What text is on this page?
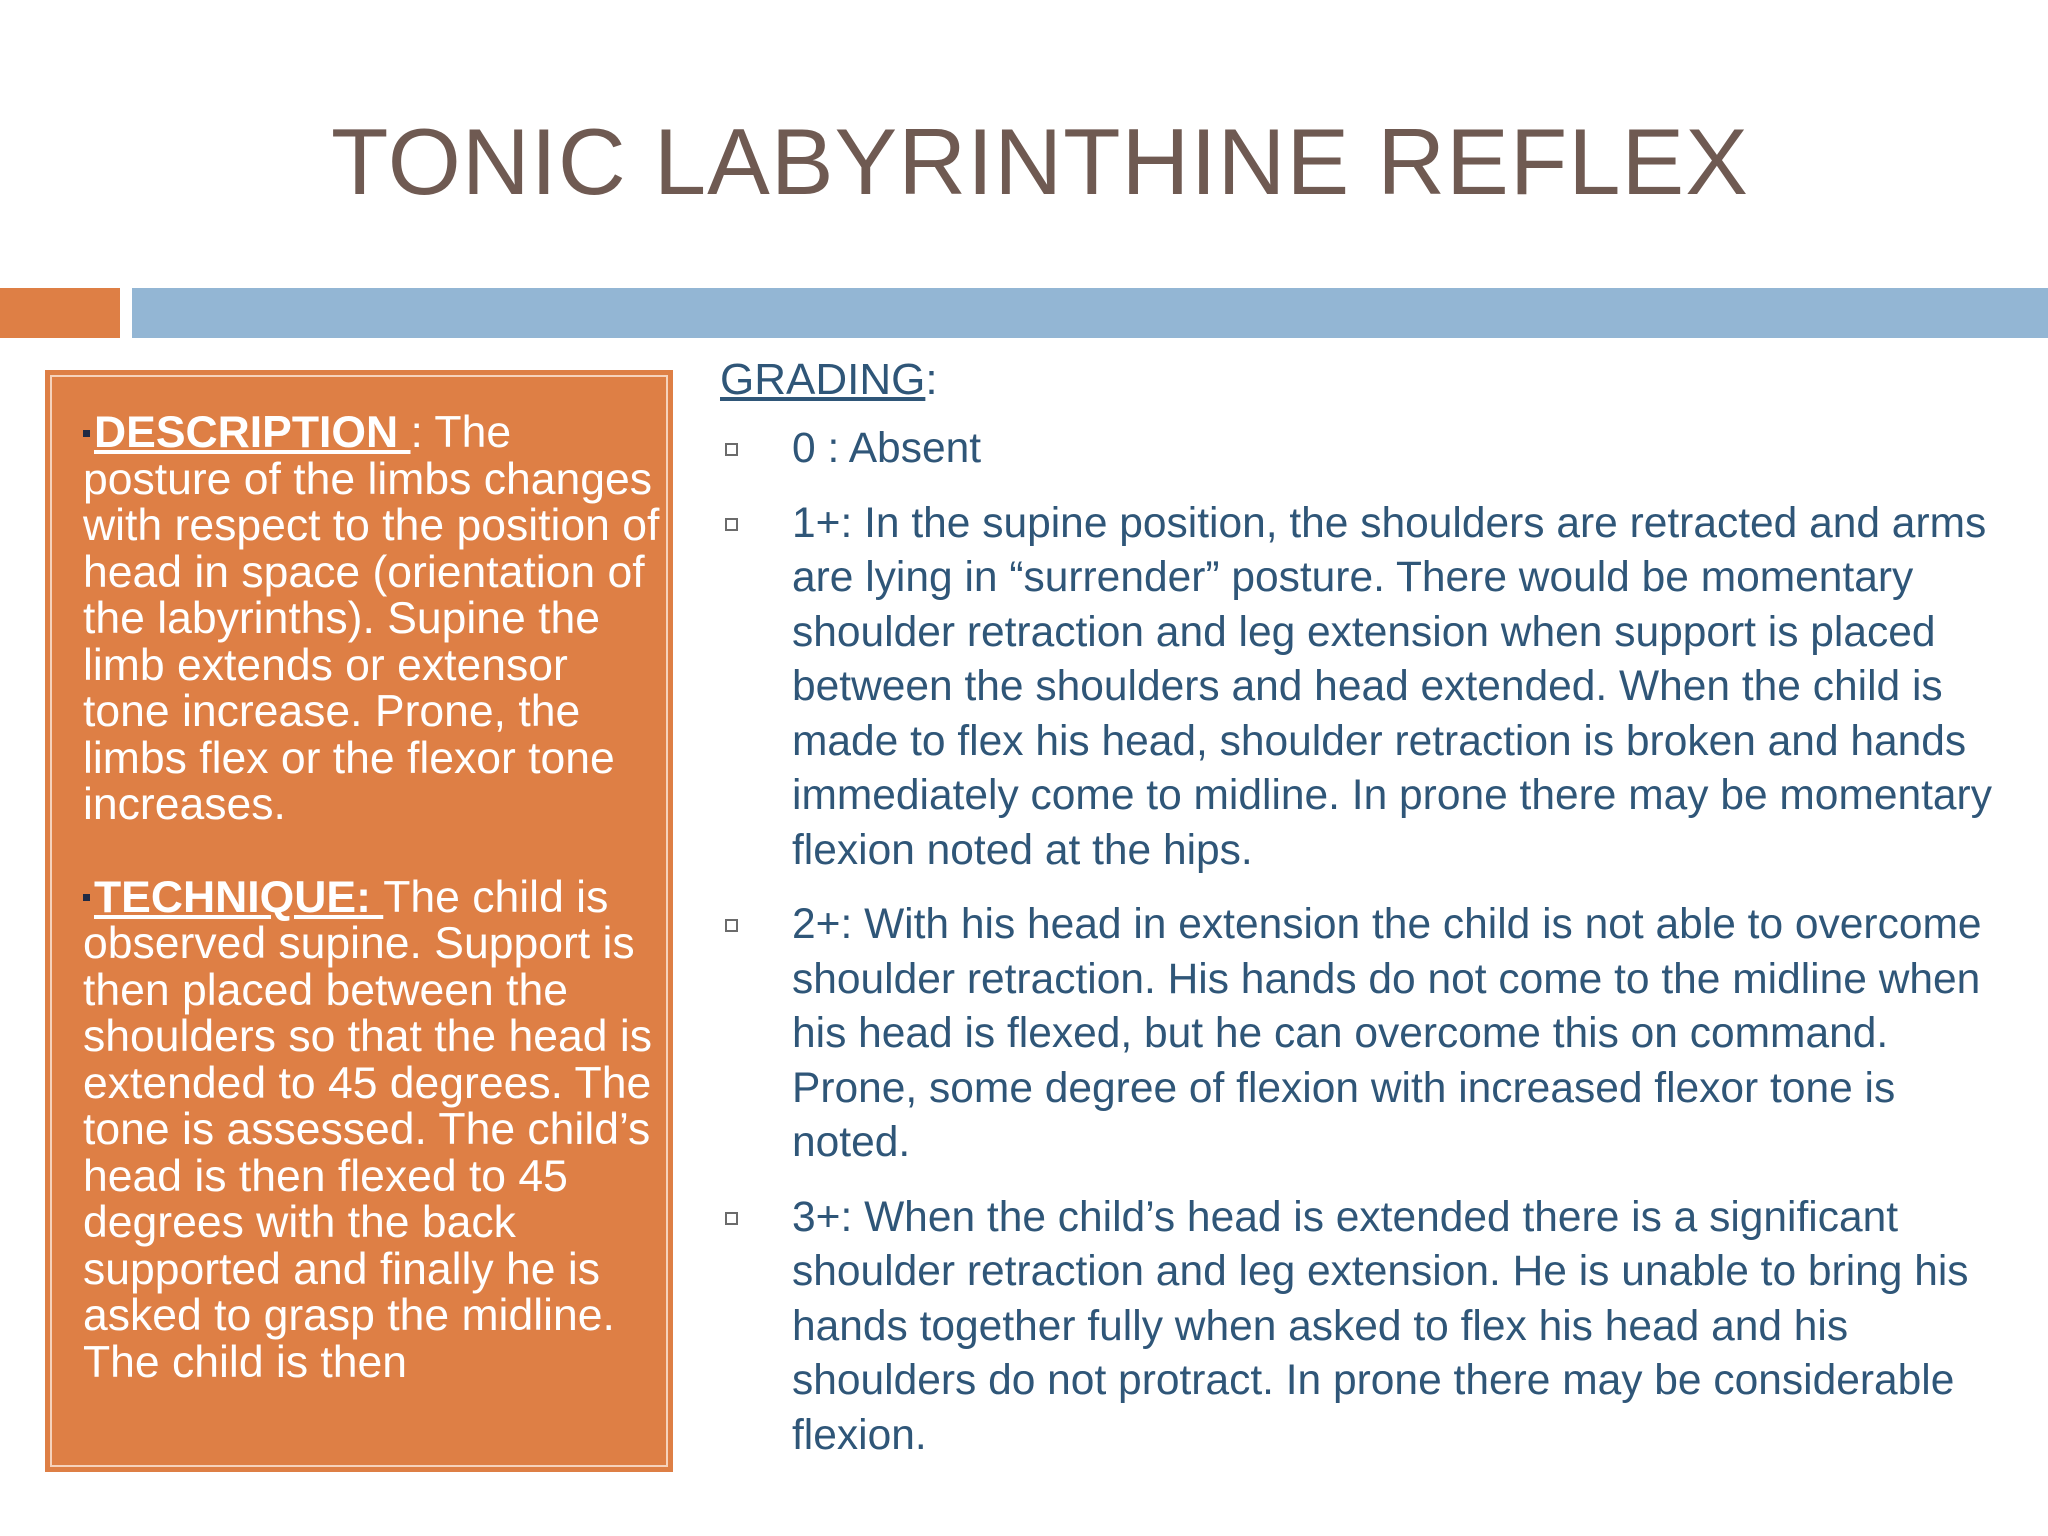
TONIC LABYRINTHINE REFLEX

DESCRIPTION : The posture of the limbs changes with respect to the position of head in space (orientation of the labyrinths). Supine the limb extends or extensor tone increase. Prone, the limbs flex or the flexor tone increases.

TECHNIQUE: The child is observed supine. Support is then placed between the shoulders so that the head is extended to 45 degrees. The tone is assessed. The child’s head is then flexed to 45 degrees with the back supported and finally he is asked to grasp the midline. The child is then

GRADING:

0 : Absent

1+: In the supine position, the shoulders are retracted and arms are lying in “surrender” posture. There would be momentary shoulder retraction and leg extension when support is placed between the shoulders and head extended. When the child is made to flex his head, shoulder retraction is broken and hands immediately come to midline. In prone there may be momentary flexion noted at the hips.

2+: With his head in extension the child is not able to overcome shoulder retraction. His hands do not come to the midline when his head is flexed, but he can overcome this on command. Prone, some degree of flexion with increased flexor tone is noted.

3+: When the child’s head is extended there is a significant shoulder retraction and leg extension. He is unable to bring his hands together fully when asked to flex his head and his shoulders do not protract. In prone there may be considerable flexion.
